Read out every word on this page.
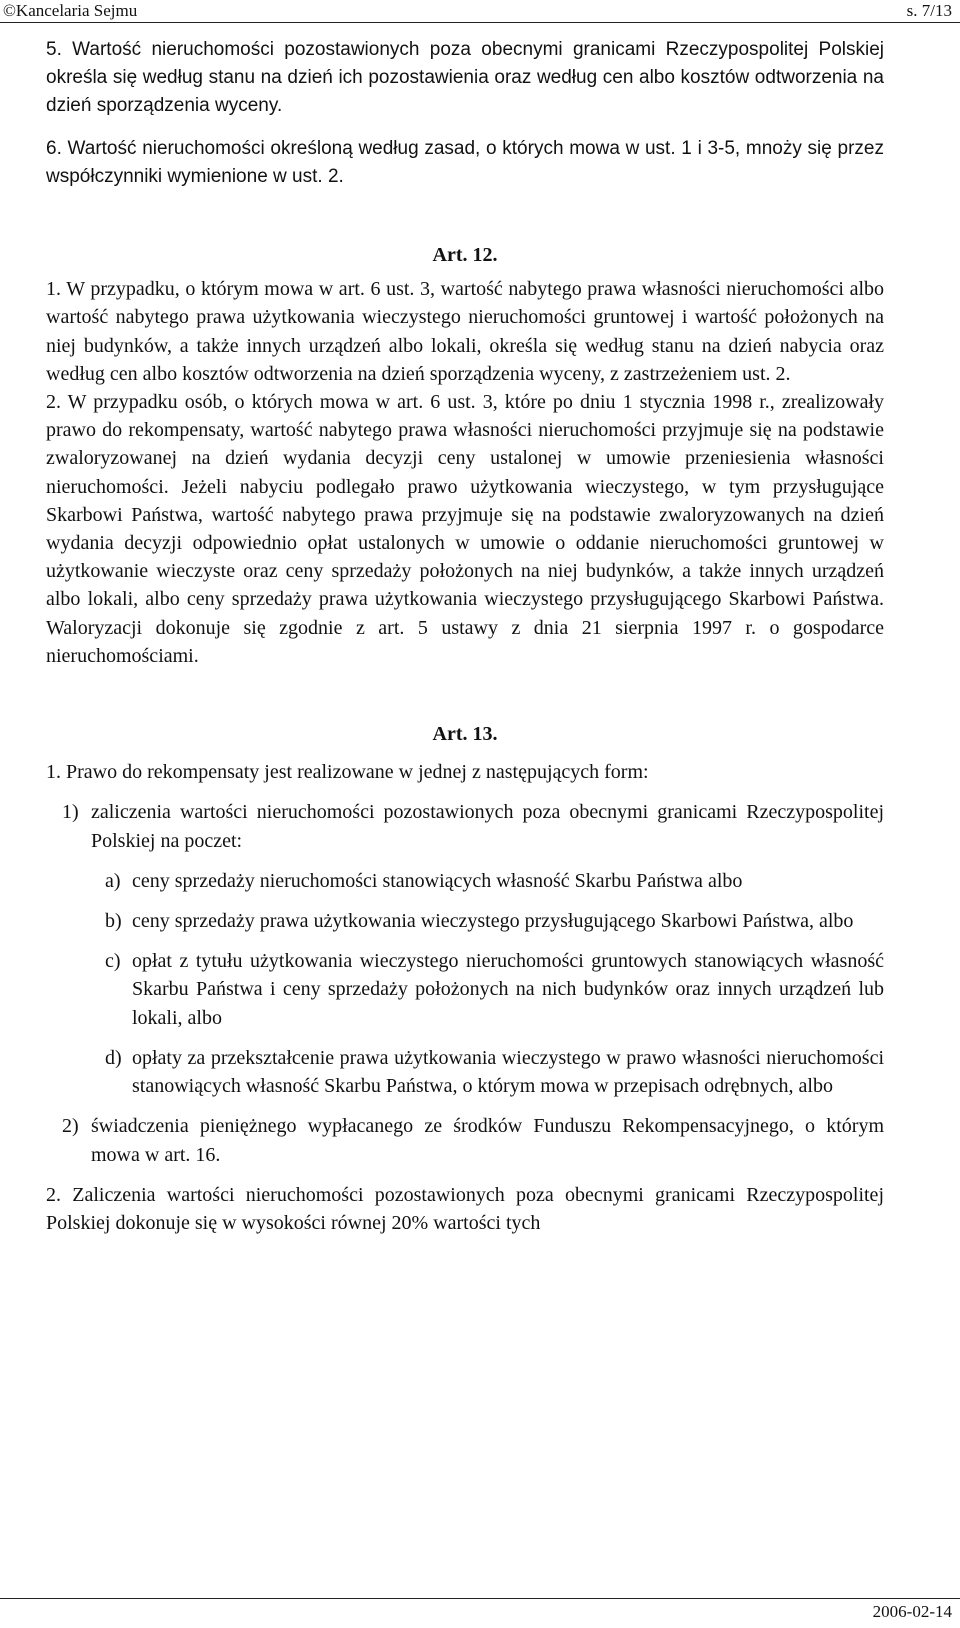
©Kancelaria Sejmu	s. 7/13

5. Wartość nieruchomości pozostawionych poza obecnymi granicami Rzeczypospolitej Polskiej określa się według stanu na dzień ich pozostawienia oraz według cen albo kosztów odtworzenia na dzień sporządzenia wyceny.

6. Wartość nieruchomości określoną według zasad, o których mowa w ust. 1 i 3-5, mnoży się przez współczynniki wymienione w ust. 2.

Art. 12.

1. W przypadku, o którym mowa w art. 6 ust. 3, wartość nabytego prawa własności nieruchomości albo wartość nabytego prawa użytkowania wieczystego nieruchomości gruntowej i wartość położonych na niej budynków, a także innych urządzeń albo lokali, określa się według stanu na dzień nabycia oraz według cen albo kosztów odtworzenia na dzień sporządzenia wyceny, z zastrzeżeniem ust. 2.

2. W przypadku osób, o których mowa w art. 6 ust. 3, które po dniu 1 stycznia 1998 r., zrealizowały prawo do rekompensaty, wartość nabytego prawa własności nieruchomości przyjmuje się na podstawie zwaloryzowanej na dzień wydania decyzji ceny ustalonej w umowie przeniesienia własności nieruchomości. Jeżeli nabyciu podlegało prawo użytkowania wieczystego, w tym przysługujące Skarbowi Państwa, wartość nabytego prawa przyjmuje się na podstawie zwaloryzowanych na dzień wydania decyzji odpowiednio opłat ustalonych w umowie o oddanie nieruchomości gruntowej w użytkowanie wieczyste oraz ceny sprzedaży położonych na niej budynków, a także innych urządzeń albo lokali, albo ceny sprzedaży prawa użytkowania wieczystego przysługującego Skarbowi Państwa. Waloryzacji dokonuje się zgodnie z art. 5 ustawy z dnia 21 sierpnia 1997 r. o gospodarce nieruchomościami.

Art. 13.

1. Prawo do rekompensaty jest realizowane w jednej z następujących form:

1) zaliczenia wartości nieruchomości pozostawionych poza obecnymi granicami Rzeczypospolitej Polskiej na poczet:
a) ceny sprzedaży nieruchomości stanowiących własność Skarbu Państwa albo
b) ceny sprzedaży prawa użytkowania wieczystego przysługującego Skarbowi Państwa, albo
c) opłat z tytułu użytkowania wieczystego nieruchomości gruntowych stanowiących własność Skarbu Państwa i ceny sprzedaży położonych na nich budynków oraz innych urządzeń lub lokali, albo
d) opłaty za przekształcenie prawa użytkowania wieczystego w prawo własności nieruchomości stanowiących własność Skarbu Państwa, o którym mowa w przepisach odrębnych, albo
2) świadczenia pieniężnego wypłacanego ze środków Funduszu Rekompensacyjnego, o którym mowa w art. 16.

2. Zaliczenia wartości nieruchomości pozostawionych poza obecnymi granicami Rzeczypospolitej Polskiej dokonuje się w wysokości równej 20% wartości tych

2006-02-14
